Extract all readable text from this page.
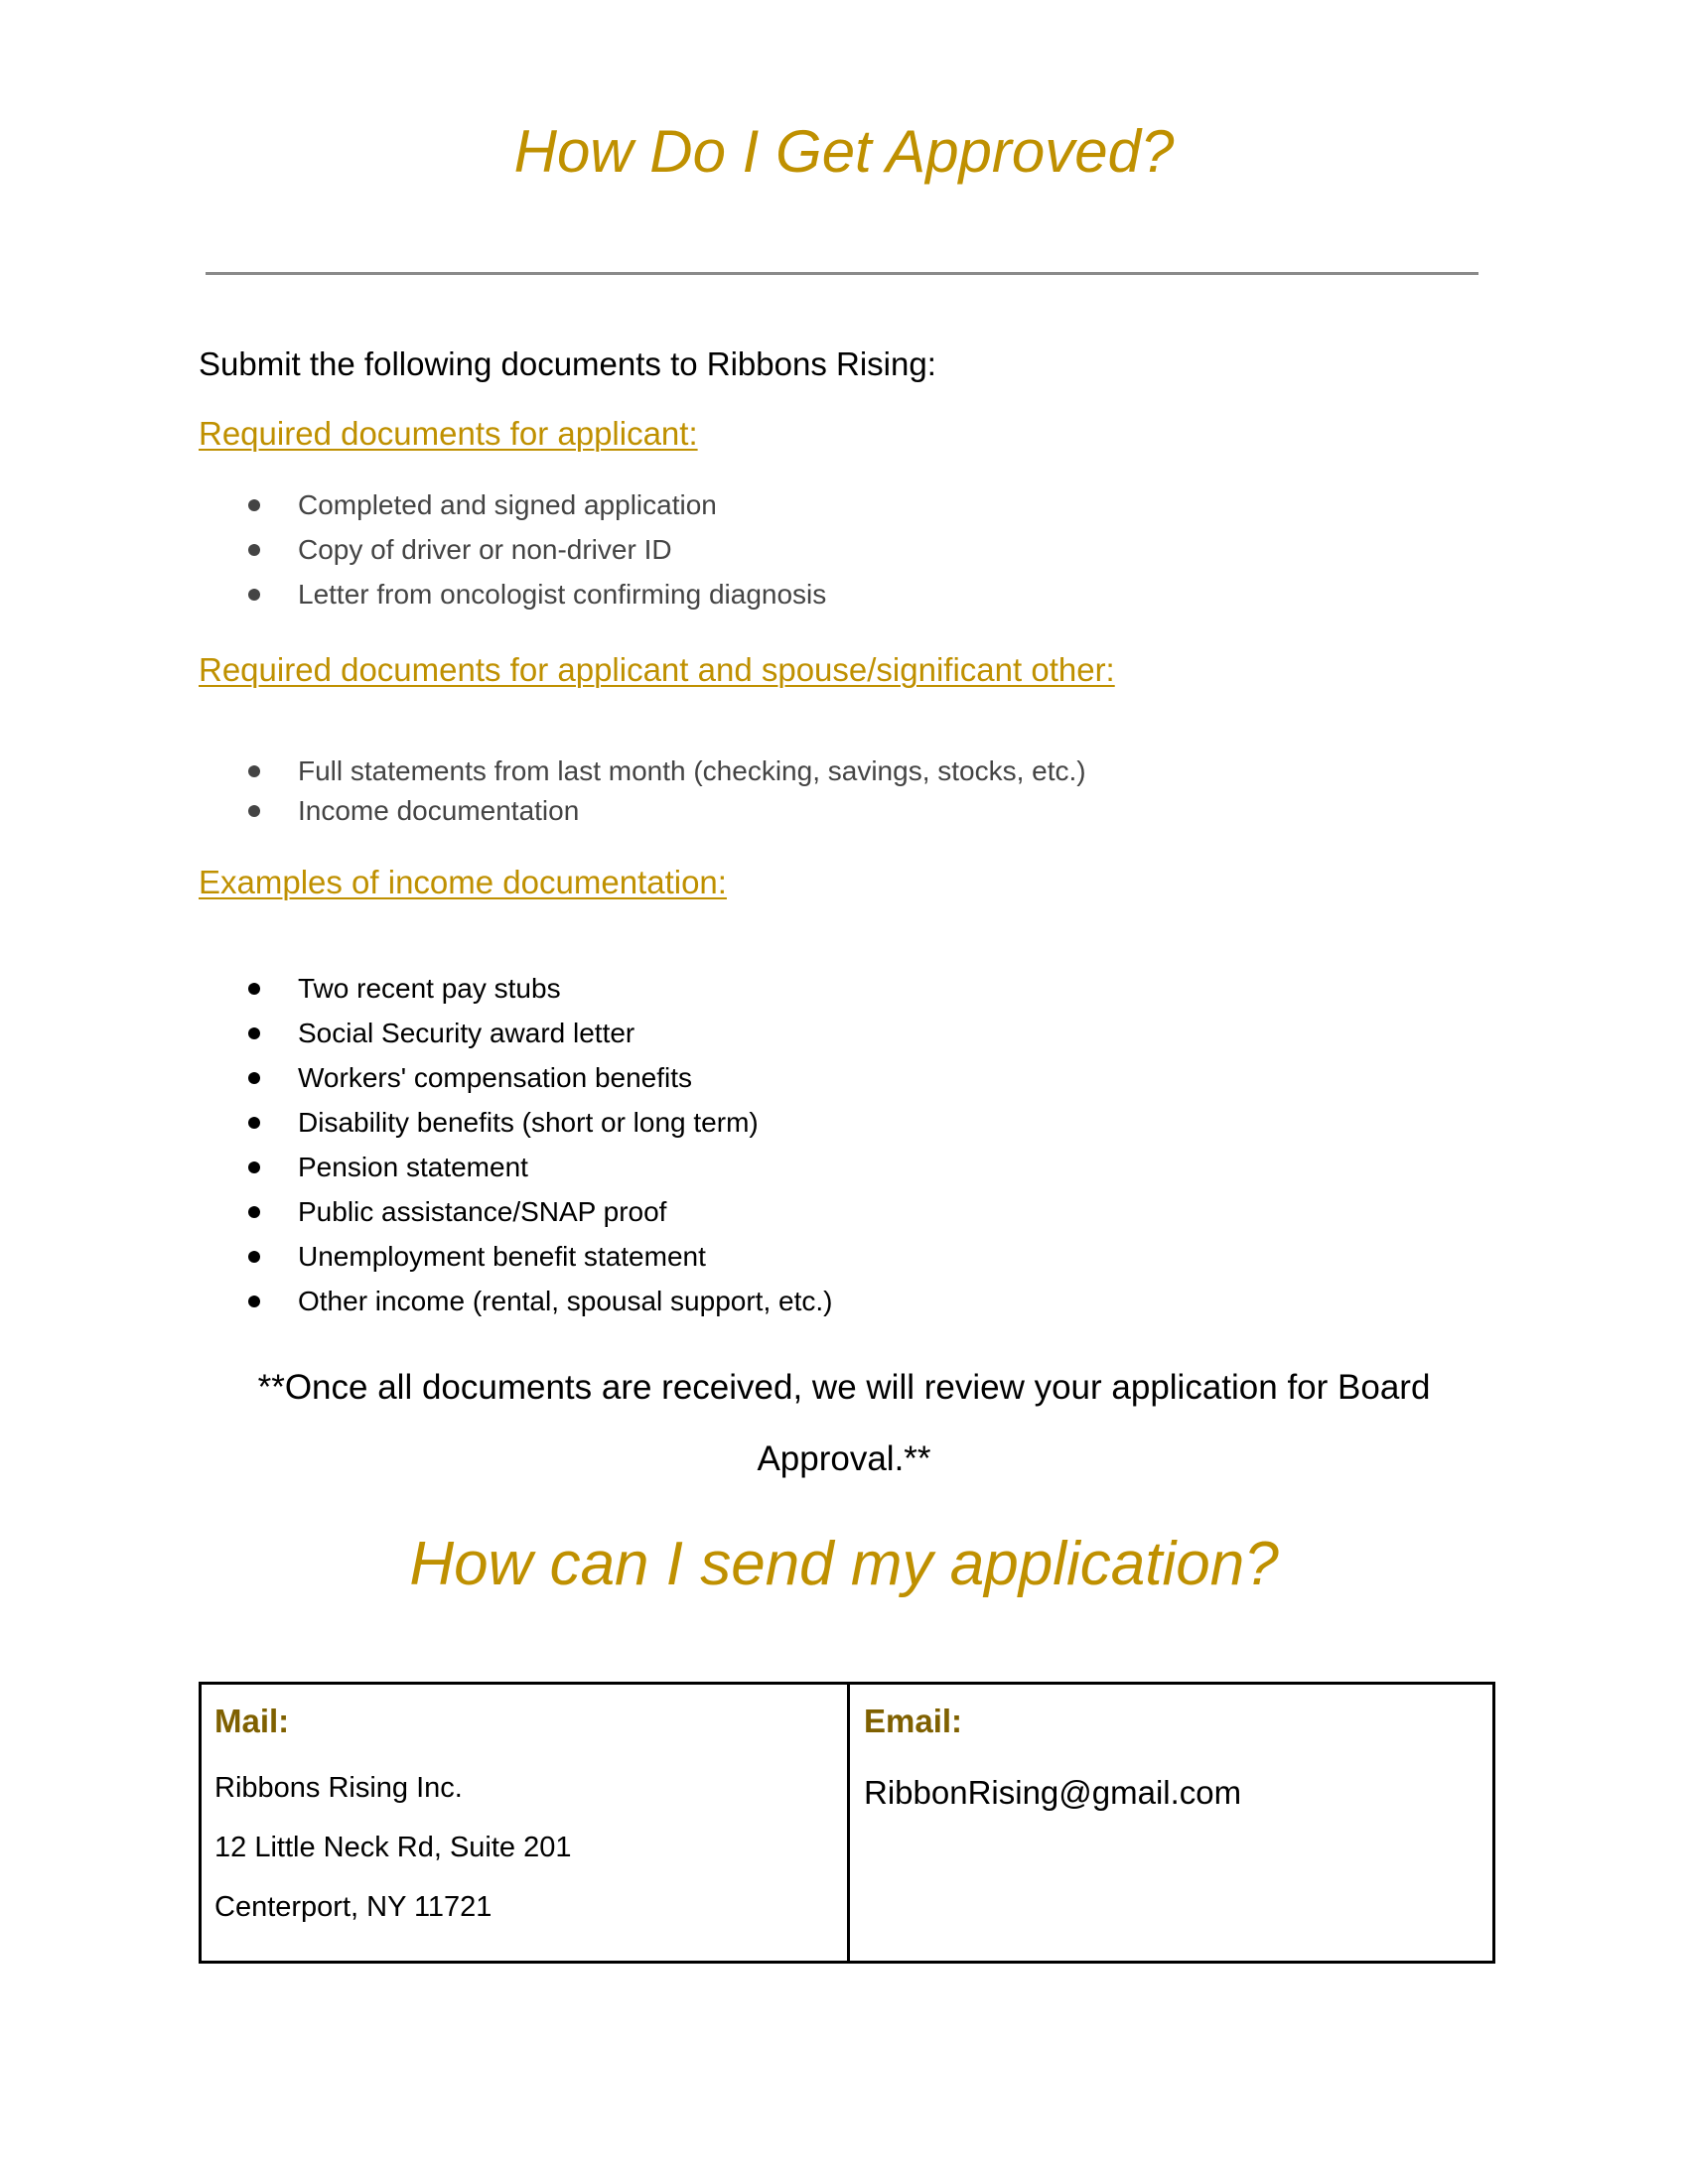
How Do I Get Approved?
Submit the following documents to Ribbons Rising:
Required documents for applicant:
Completed and signed application
Copy of driver or non-driver ID
Letter from oncologist confirming diagnosis
Required documents for applicant and spouse/significant other:
Full statements from last month (checking, savings, stocks, etc.)
Income documentation
Examples of income documentation:
Two recent pay stubs
Social Security award letter
Workers' compensation benefits
Disability benefits (short or long term)
Pension statement
Public assistance/SNAP proof
Unemployment benefit statement
Other income (rental, spousal support, etc.)
**Once all documents are received, we will review your application for Board Approval.**
How can I send my application?
Mail:
Ribbons Rising Inc.
12 Little Neck Rd, Suite 201
Centerport, NY 11721
Email:
RibbonRising@gmail.com
